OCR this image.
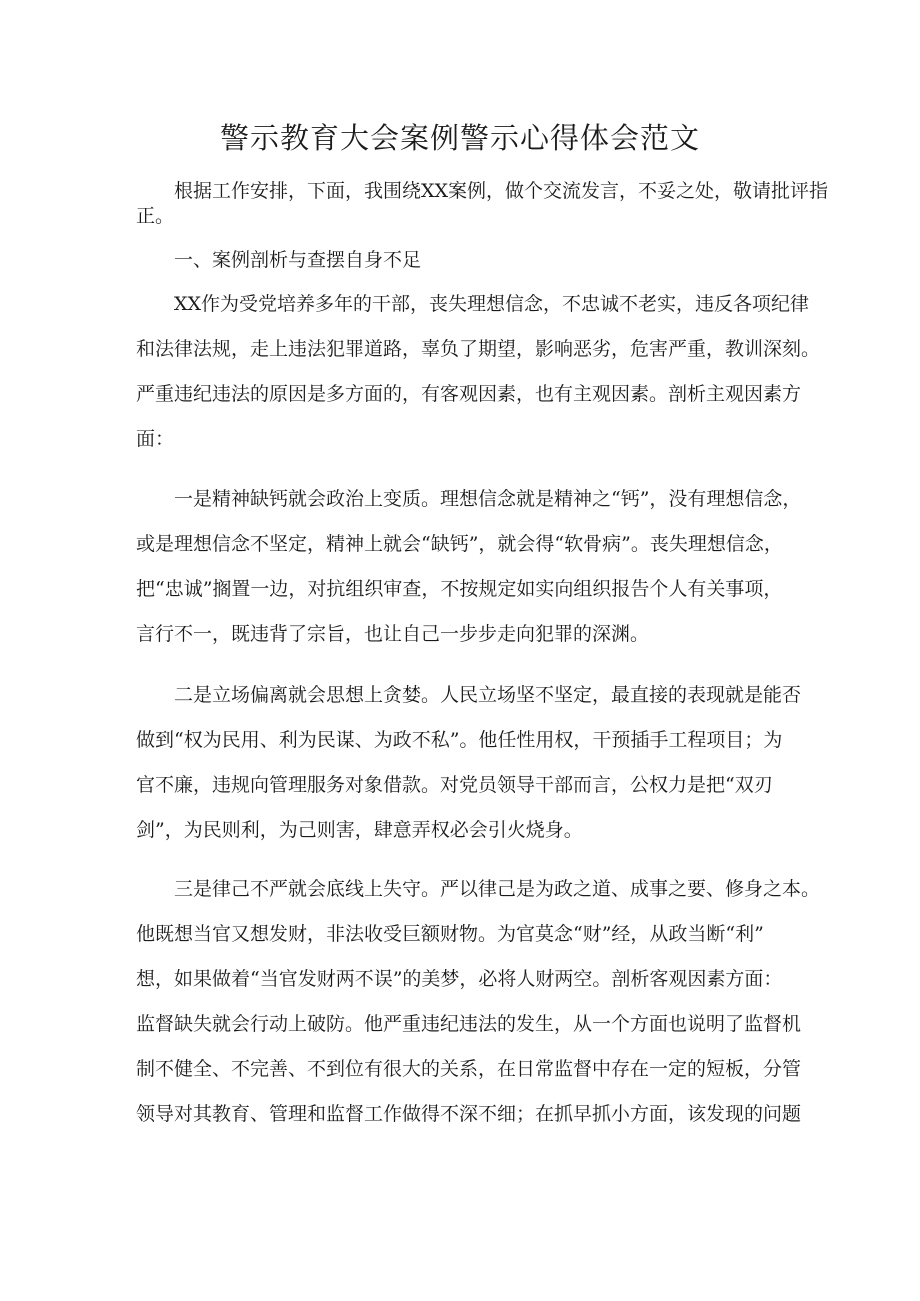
警示教育大会案例警示心得体会范文
　　根据工作安排，下面，我围绕XX案例，做个交流发言，不妥之处，敬请批评指
正。
　　一、案例剖析与查摆自身不足
　　XX作为受党培养多年的干部，丧失理想信念，不忠诚不老实，违反各项纪律
和法律法规，走上违法犯罪道路，辜负了期望，影响恶劣，危害严重，教训深刻。
严重违纪违法的原因是多方面的，有客观因素，也有主观因素。剖析主观因素方
面：
　　一是精神缺钙就会政治上变质。理想信念就是精神之“钙”，没有理想信念，
或是理想信念不坚定，精神上就会“缺钙”，就会得“软骨病”。丧失理想信念，
把“忠诚”搁置一边，对抗组织审查，不按规定如实向组织报告个人有关事项，
言行不一，既违背了宗旨，也让自己一步步走向犯罪的深渊。
　　二是立场偏离就会思想上贪婪。人民立场坚不坚定，最直接的表现就是能否
做到“权为民用、利为民谋、为政不私”。他任性用权，干预插手工程项目；为
官不廉，违规向管理服务对象借款。对党员领导干部而言，公权力是把“双刃
剑”，为民则利，为己则害，肆意弄权必会引火烧身。
　　三是律己不严就会底线上失守。严以律己是为政之道、成事之要、修身之本。
他既想当官又想发财，非法收受巨额财物。为官莫念“财”经，从政当断“利”
想，如果做着“当官发财两不误”的美梦，必将人财两空。剖析客观因素方面：
监督缺失就会行动上破防。他严重违纪违法的发生，从一个方面也说明了监督机
制不健全、不完善、不到位有很大的关系，在日常监督中存在一定的短板，分管
领导对其教育、管理和监督工作做得不深不细；在抓早抓小方面，该发现的问题
